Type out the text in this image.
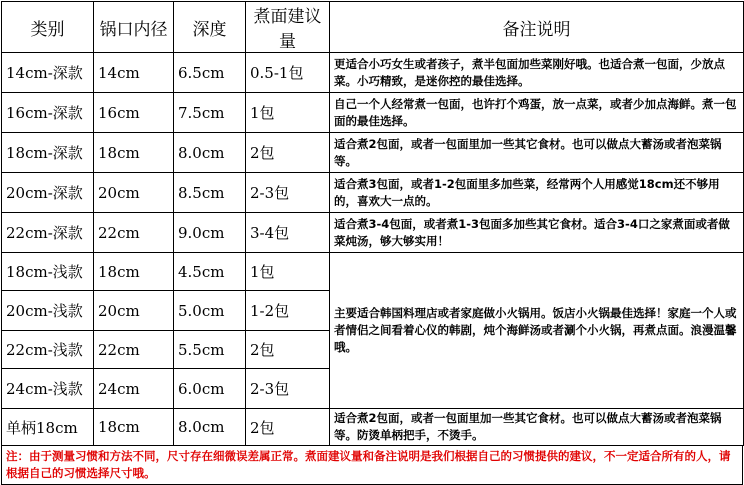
类别	锅口内径	深度	煮面建议量	备注说明
14cm-深款	14cm	6.5cm	0.5-1包	更适合小巧女生或者孩子，煮半包面加些菜刚好哦。也适合煮一包面，少放点菜。小巧精致，是迷你控的最佳选择。
16cm-深款	16cm	7.5cm	1包	自己一个人经常煮一包面，也许打个鸡蛋，放一点菜，或者少加点海鲜。煮一包面的最佳选择。
18cm-深款	18cm	8.0cm	2包	适合煮2包面，或者一包面里加一些其它食材。也可以做点大蓄汤或者泡菜锅等。
20cm-深款	20cm	8.5cm	2-3包	适合煮3包面，或者1-2包面里多加些菜，经常两个人用感觉18cm还不够用的，喜欢大一点的。
22cm-深款	22cm	9.0cm	3-4包	适合煮3-4包面，或者煮1-3包面多加些其它食材。适合3-4口之家煮面或者做菜炖汤，够大够实用！
18cm-浅款	18cm	4.5cm	1包	主要适合韩国料理店或者家庭做小火锅用。饭店小火锅最佳选择！家庭一个人或者情侣之间看着心仪的韩剧，炖个海鲜汤或者涮个小火锅，再煮点面。浪漫温馨哦。
20cm-浅款	20cm	5.0cm	1-2包	
22cm-浅款	22cm	5.5cm	2包	
24cm-浅款	24cm	6.0cm	2-3包	
单柄18cm	18cm	8.0cm	2包	适合煮2包面，或者一包面里加一些其它食材。也可以做点大蓄汤或者泡菜锅等。防烫单柄把手，不烫手。
注：由于测量习惯和方法不同，尺寸存在细微误差属正常。煮面建议量和备注说明是我们根据自己的习惯提供的建议，不一定适合所有的人，请根据自己的习惯选择尺寸哦。
